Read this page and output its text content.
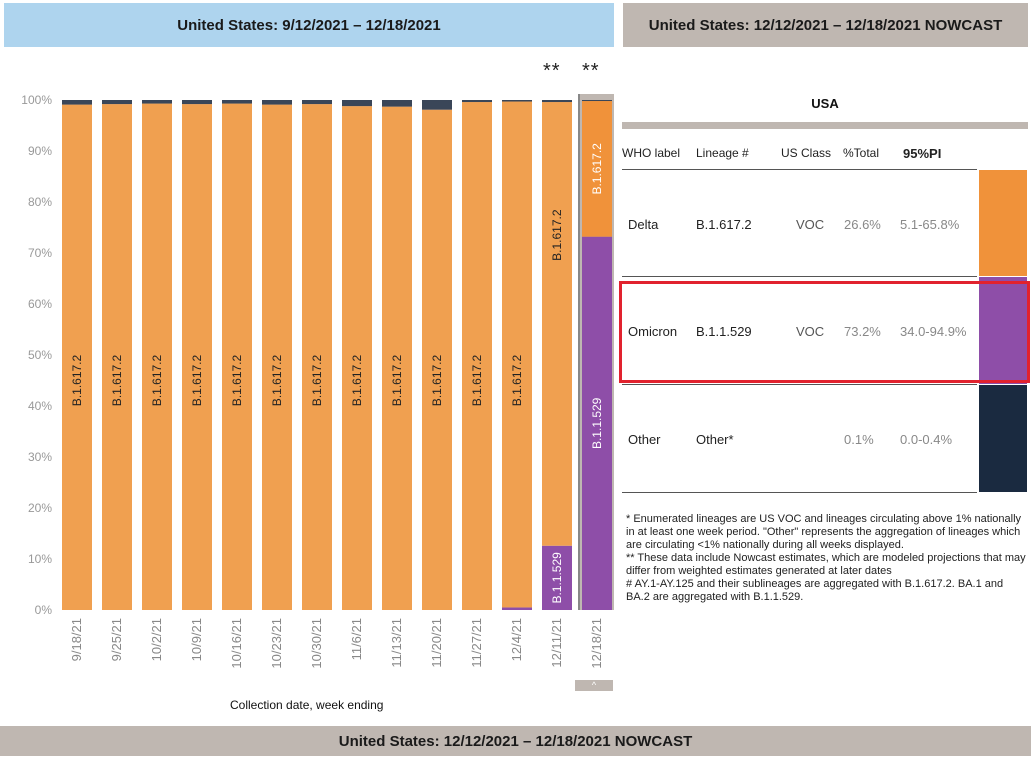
United States: 9/12/2021 – 12/18/2021	United States: 12/12/2021 – 12/18/2021 NOWCAST
United States: 12/12/2021 – 12/18/2021 NOWCAST
** **
0%
10%
20%
30%
40%
50%
60%
70%
80%
90%
100%
B.1.617.2
9/18/21
B.1.617.2
9/25/21
B.1.617.2
10/2/21
B.1.617.2
10/9/21
B.1.617.2
10/16/21
B.1.617.2
10/23/21
B.1.617.2
10/30/21
B.1.617.2
11/6/21
B.1.617.2
11/13/21
B.1.617.2
11/20/21
B.1.617.2
11/27/21
B.1.617.2
12/4/21
B.1.617.2
B.1.1.529
12/11/21
B.1.617.2
B.1.1.529
12/18/21
Collection date, week ending
^
USA
WHO label Lineage #	US Class %Total 95%PI
Delta	B.1.617.2	VOC 26.6% 5.1-65.8%
Omicron B.1.1.529	VOC 73.2% 34.0-94.9%
Other	Other*	0.1% 0.0-0.4%

* Enumerated lineages are US VOC and lineages circulating above 1% nationally in at least one week period. "Other" represents the aggregation of lineages which are circulating <1% nationally during all weeks displayed.

** These data include Nowcast estimates, which are modeled projections that may differ from weighted estimates generated at later dates

# AY.1-AY.125 and their sublineages are aggregated with B.1.617.2. BA.1 and BA.2 are aggregated with B.1.1.529.
